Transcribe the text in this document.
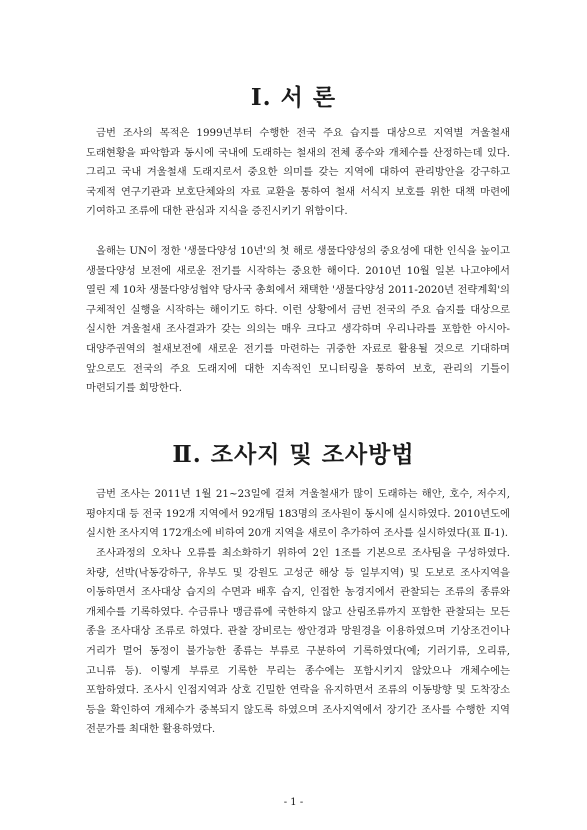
Ⅰ. 서 론

금번 조사의 목적은 1999년부터 수행한 전국 주요 습지를 대상으로 지역별 겨울철새 도래현황을 파악함과 동시에 국내에 도래하는 철새의 전체 종수와 개체수를 산정하는데 있다. 그리고 국내 겨울철새 도래지로서 중요한 의미를 갖는 지역에 대하여 관리방안을 강구하고 국제적 연구기관과 보호단체와의 자료 교환을 통하여 철새 서식지 보호를 위한 대책 마련에 기여하고 조류에 대한 관심과 지식을 증진시키기 위함이다.

올해는 UN이 정한 '생물다양성 10년'의 첫 해로 생물다양성의 중요성에 대한 인식을 높이고 생물다양성 보전에 새로운 전기를 시작하는 중요한 해이다. 2010년 10월 일본 나고야에서 열린 제 10차 생물다양성협약 당사국 총회에서 채택한 '생물다양성 2011-2020년 전략계획'의 구체적인 실행을 시작하는 해이기도 하다. 이런 상황에서 금번 전국의 주요 습지를 대상으로 실시한 겨울철새 조사결과가 갖는 의의는 매우 크다고 생각하며 우리나라를 포함한 아시아-대양주권역의 철새보전에 새로운 전기를 마련하는 귀중한 자료로 활용될 것으로 기대하며 앞으로도 전국의 주요 도래지에 대한 지속적인 모니터링을 통하여 보호, 관리의 기틀이 마련되기를 희망한다.

Ⅱ. 조사지 및 조사방법

금번 조사는 2011년 1월 21~23일에 걸쳐 겨울철새가 많이 도래하는 해안, 호수, 저수지, 평야지대 등 전국 192개 지역에서 92개팀 183명의 조사원이 동시에 실시하였다. 2010년도에 실시한 조사지역 172개소에 비하여 20개 지역을 새로이 추가하여 조사를 실시하였다(표 Ⅱ-1).

조사과정의 오차나 오류를 최소화하기 위하여 2인 1조를 기본으로 조사팀을 구성하였다. 차량, 선박(낙동강하구, 유부도 및 강원도 고성군 해상 등 일부지역) 및 도보로 조사지역을 이동하면서 조사대상 습지의 수면과 배후 습지, 인접한 농경지에서 관찰되는 조류의 종류와 개체수를 기록하였다. 수금류나 맹금류에 국한하지 않고 산림조류까지 포함한 관찰되는 모든 종을 조사대상 조류로 하였다. 관찰 장비로는 쌍안경과 망원경을 이용하였으며 기상조건이나 거리가 멀어 동정이 불가능한 종류는 부류로 구분하여 기록하였다(예; 기러기류, 오리류, 고니류 등). 이렇게 부류로 기록한 무리는 종수에는 포함시키지 않았으나 개체수에는 포함하였다. 조사시 인접지역과 상호 긴밀한 연락을 유지하면서 조류의 이동방향 및 도착장소 등을 확인하여 개체수가 중복되지 않도록 하였으며 조사지역에서 장기간 조사를 수행한 지역 전문가를 최대한 활용하였다.

- 1 -
